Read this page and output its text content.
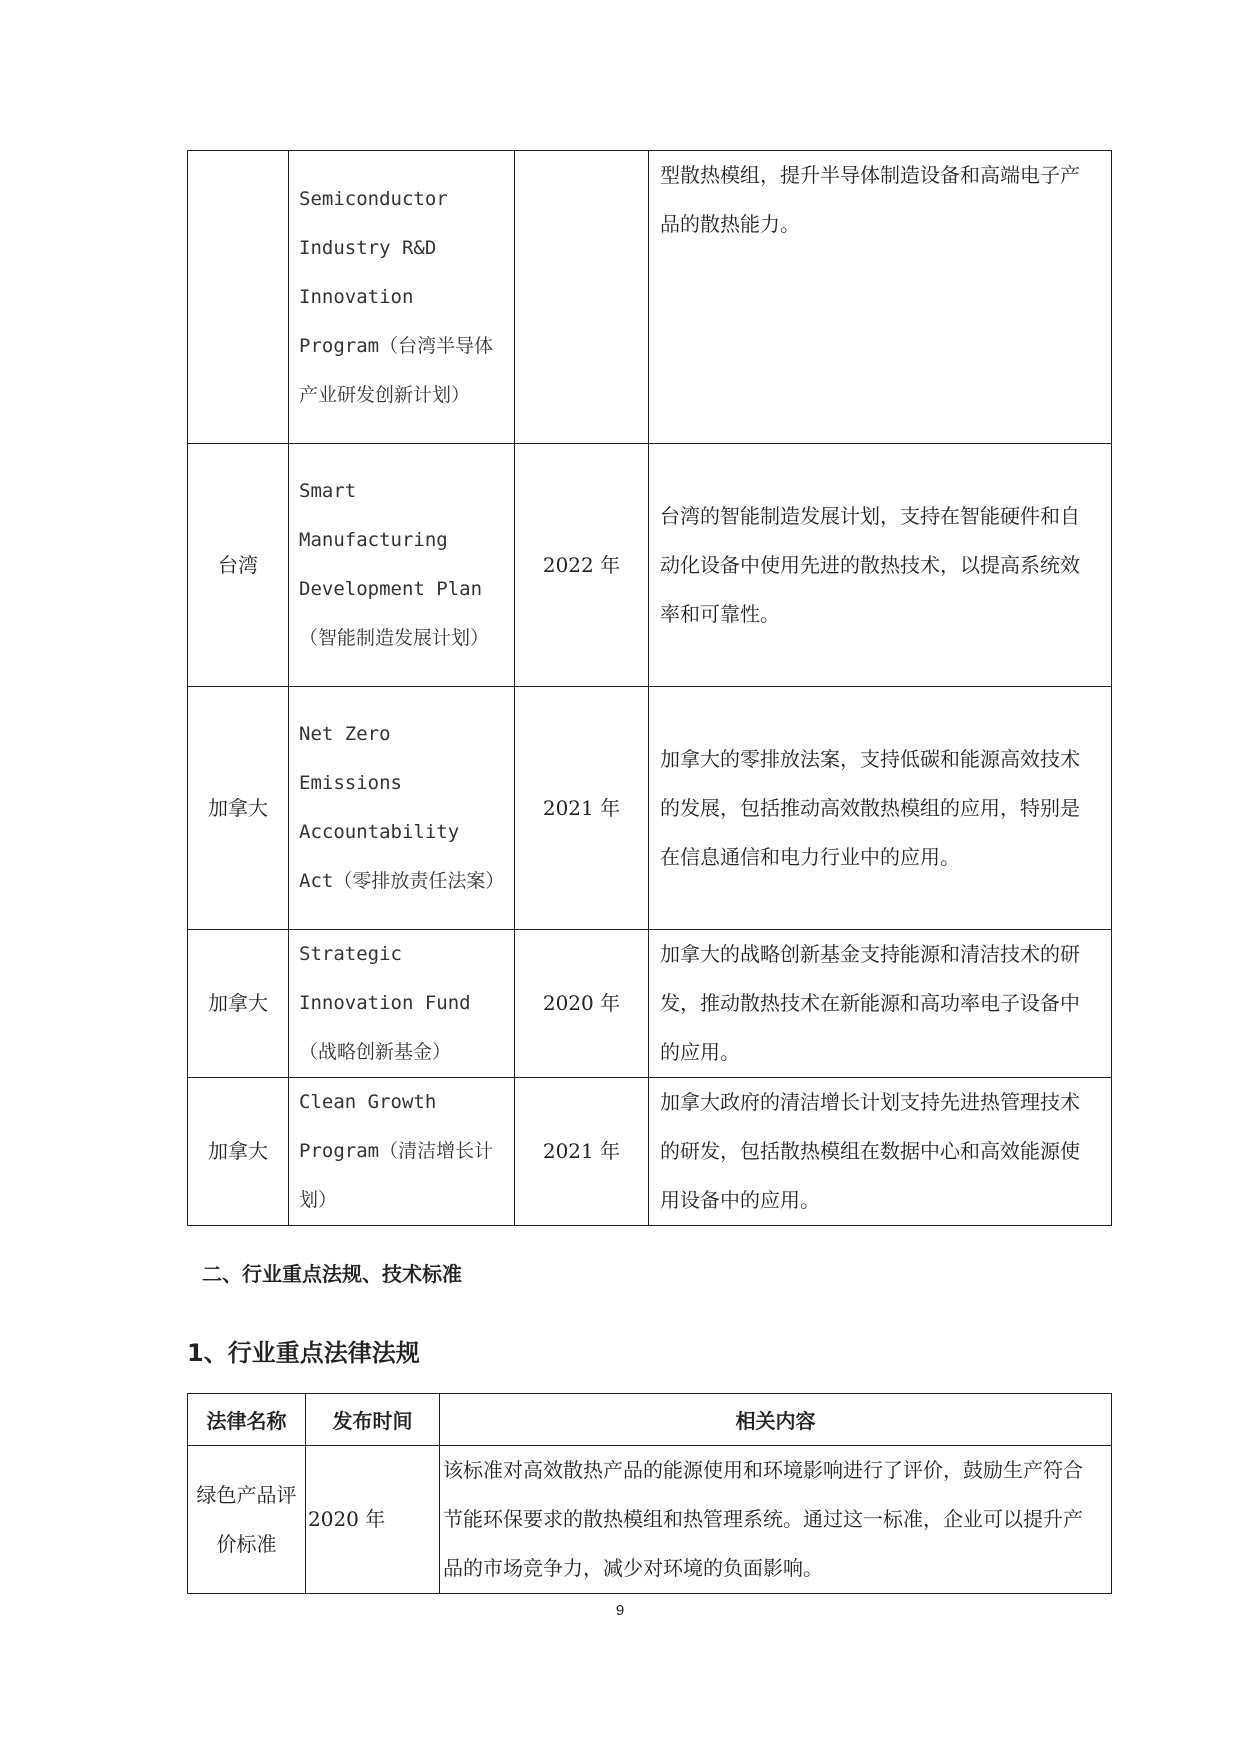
	Semiconductor Industry R&D Innovation Program（台湾半导体产业研发创新计划）		型散热模组，提升半导体制造设备和高端电子产品的散热能力。
台湾	Smart Manufacturing Development Plan（智能制造发展计划）	2022 年	台湾的智能制造发展计划，支持在智能硬件和自动化设备中使用先进的散热技术，以提高系统效率和可靠性。
加拿大	Net Zero Emissions Accountability Act（零排放责任法案）	2021 年	加拿大的零排放法案，支持低碳和能源高效技术的发展，包括推动高效散热模组的应用，特别是在信息通信和电力行业中的应用。
加拿大	Strategic Innovation Fund（战略创新基金）	2020 年	加拿大的战略创新基金支持能源和清洁技术的研发，推动散热技术在新能源和高功率电子设备中的应用。
加拿大	Clean Growth Program（清洁增长计划）	2021 年	加拿大政府的清洁增长计划支持先进热管理技术的研发，包括散热模组在数据中心和高效能源使用设备中的应用。
二、行业重点法规、技术标准
1、行业重点法律法规
法律名称	发布时间	相关内容
绿色产品评价标准	2020 年	该标准对高效散热产品的能源使用和环境影响进行了评价，鼓励生产符合节能环保要求的散热模组和热管理系统。通过这一标准，企业可以提升产品的市场竞争力，减少对环境的负面影响。
9
